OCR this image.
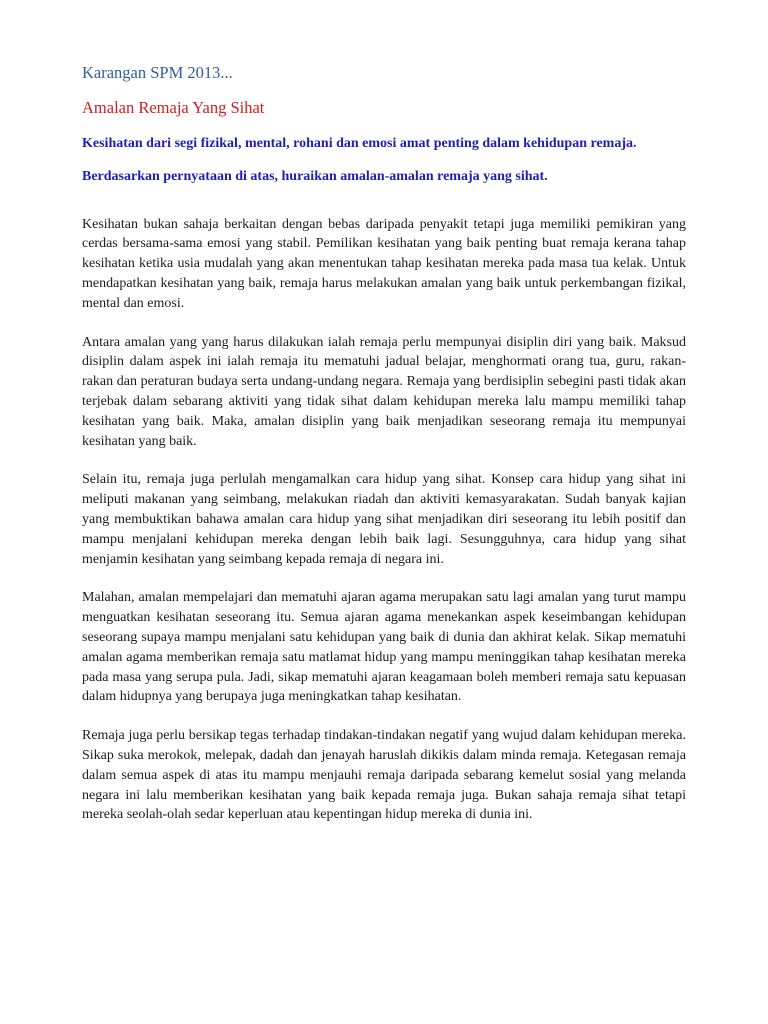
Karangan SPM 2013...
Amalan Remaja Yang Sihat
Kesihatan dari segi fizikal, mental, rohani dan emosi amat penting dalam kehidupan remaja.
Berdasarkan pernyataan di atas, huraikan amalan-amalan remaja yang sihat.

Kesihatan bukan sahaja berkaitan dengan bebas daripada penyakit tetapi juga memiliki pemikiran yang cerdas bersama-sama emosi yang stabil. Pemilikan kesihatan yang baik penting buat remaja kerana tahap kesihatan ketika usia mudalah yang akan menentukan tahap kesihatan mereka pada masa tua kelak. Untuk mendapatkan kesihatan yang baik, remaja harus melakukan amalan yang baik untuk perkembangan fizikal, mental dan emosi.

Antara amalan yang yang harus dilakukan ialah remaja perlu mempunyai disiplin diri yang baik. Maksud disiplin dalam aspek ini ialah remaja itu mematuhi jadual belajar, menghormati orang tua, guru, rakan-rakan dan peraturan budaya serta undang-undang negara. Remaja yang berdisiplin sebegini pasti tidak akan terjebak dalam sebarang aktiviti yang tidak sihat dalam kehidupan mereka lalu mampu memiliki tahap kesihatan yang baik. Maka, amalan disiplin yang baik menjadikan seseorang remaja itu mempunyai kesihatan yang baik.

Selain itu, remaja juga perlulah mengamalkan cara hidup yang sihat. Konsep cara hidup yang sihat ini meliputi makanan yang seimbang, melakukan riadah dan aktiviti kemasyarakatan. Sudah banyak kajian yang membuktikan bahawa amalan cara hidup yang sihat menjadikan diri seseorang itu lebih positif dan mampu menjalani kehidupan mereka dengan lebih baik lagi. Sesungguhnya, cara hidup yang sihat menjamin kesihatan yang seimbang kepada remaja di negara ini.

Malahan, amalan mempelajari dan mematuhi ajaran agama merupakan satu lagi amalan yang turut mampu menguatkan kesihatan seseorang itu. Semua ajaran agama menekankan aspek keseimbangan kehidupan seseorang supaya mampu menjalani satu kehidupan yang baik di dunia dan akhirat kelak. Sikap mematuhi amalan agama memberikan remaja satu matlamat hidup yang mampu meninggikan tahap kesihatan mereka pada masa yang serupa pula. Jadi, sikap mematuhi ajaran keagamaan boleh memberi remaja satu kepuasan dalam hidupnya yang berupaya juga meningkatkan tahap kesihatan.

Remaja juga perlu bersikap tegas terhadap tindakan-tindakan negatif yang wujud dalam kehidupan mereka. Sikap suka merokok, melepak, dadah dan jenayah haruslah dikikis dalam minda remaja. Ketegasan remaja dalam semua aspek di atas itu mampu menjauhi remaja daripada sebarang kemelut sosial yang melanda negara ini lalu memberikan kesihatan yang baik kepada remaja juga. Bukan sahaja remaja sihat tetapi mereka seolah-olah sedar keperluan atau kepentingan hidup mereka di dunia ini.
